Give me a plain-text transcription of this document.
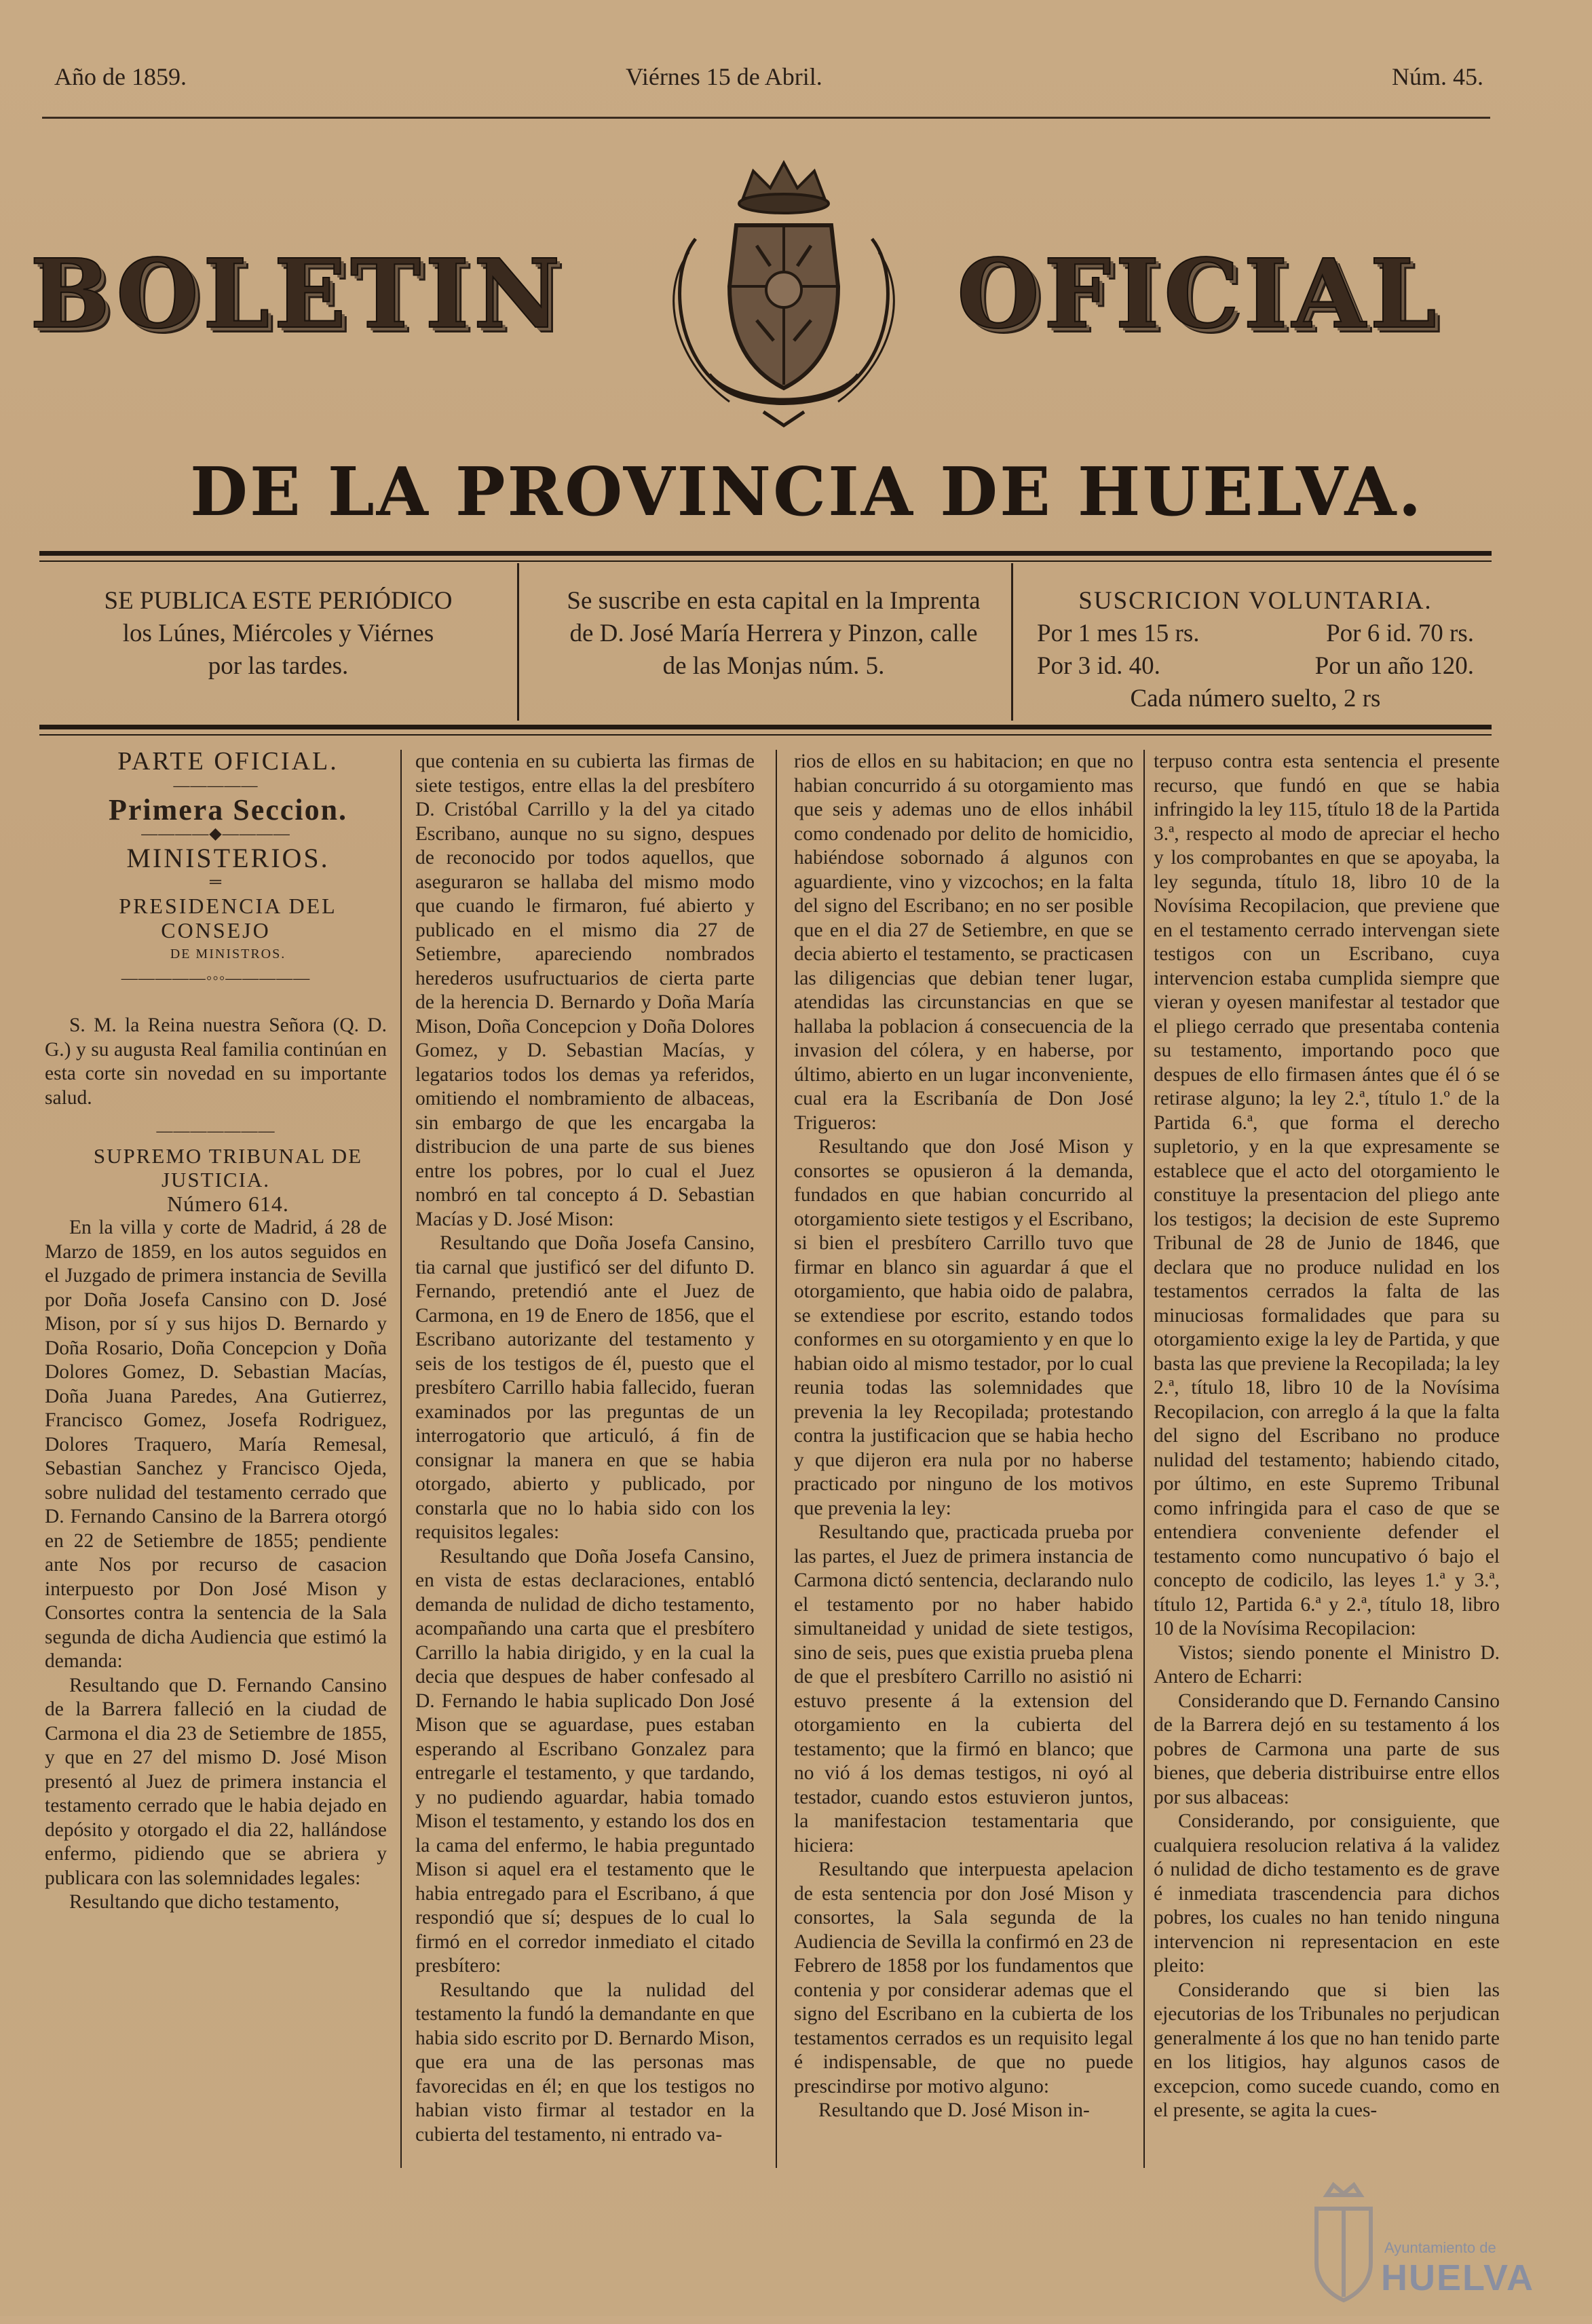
Año de 1859.	Viérnes 15 de Abril.	Núm. 45.
BOLETIN	OFICIAL
DE LA PROVINCIA DE HUELVA.
SE PUBLICA ESTE PERIÓDICO
los Lúnes, Miércoles y Viérnes
por las tardes.
Se suscribe en esta capital en la Imprenta
de D. José María Herrera y Pinzon, calle
de las Monjas núm. 5.
SUSCRICION VOLUNTARIA.
Por 1 mes 15 rs.	Por 6 id. 70 rs.
Por 3 id. 40.	Por un año 120.
Cada número suelto, 2 rs

PARTE OFICIAL.

—————

Primera Seccion.

————◆————

MINISTERIOS.

═

PRESIDENCIA DEL CONSEJO

DE MINISTROS.

—————◦◦◦—————

S. M. la Reina nuestra Señora (Q. D. G.) y su augusta Real familia continúan en esta corte sin novedad en su importante salud.

———————

SUPREMO TRIBUNAL DE JUSTICIA.

Número 614.

En la villa y corte de Madrid, á 28 de Marzo de 1859, en los autos seguidos en el Juzgado de primera instancia de Sevilla por Doña Josefa Cansino con D. José Mison, por sí y sus hijos D. Bernardo y Doña Rosario, Doña Concepcion y Doña Dolores Gomez, D. Sebastian Macías, Doña Juana Paredes, Ana Gutierrez, Francisco Gomez, Josefa Rodriguez, Dolores Traquero, María Remesal, Sebastian Sanchez y Francisco Ojeda, sobre nulidad del testamento cerrado que D. Fernando Cansino de la Barrera otorgó en 22 de Setiembre de 1855; pendiente ante Nos por recurso de casacion interpuesto por Don José Mison y Consortes contra la sentencia de la Sala segunda de dicha Audiencia que estimó la demanda:

Resultando que D. Fernando Cansino de la Barrera falleció en la ciudad de Carmona el dia 23 de Setiembre de 1855, y que en 27 del mismo D. José Mison presentó al Juez de primera instancia el testamento cerrado que le habia dejado en depósito y otorgado el dia 22, hallándose enfermo, pidiendo que se abriera y publicara con las solemnidades legales:

Resultando que dicho testamento,

que contenia en su cubierta las firmas de siete testigos, entre ellas la del presbítero D. Cristóbal Carrillo y la del ya citado Escribano, aunque no su signo, despues de reconocido por todos aquellos, que aseguraron se hallaba del mismo modo que cuando le firmaron, fué abierto y publicado en el mismo dia 27 de Setiembre, apareciendo nombrados herederos usufructuarios de cierta parte de la herencia D. Bernardo y Doña María Mison, Doña Concepcion y Doña Dolores Gomez, y D. Sebastian Macías, y legatarios todos los demas ya referidos, omitiendo el nombramiento de albaceas, sin embargo de que les encargaba la distribucion de una parte de sus bienes entre los pobres, por lo cual el Juez nombró en tal concepto á D. Sebastian Macías y D. José Mison:

Resultando que Doña Josefa Cansino, tia carnal que justificó ser del difunto D. Fernando, pretendió ante el Juez de Carmona, en 19 de Enero de 1856, que el Escribano autorizante del testamento y seis de los testigos de él, puesto que el presbítero Carrillo habia fallecido, fueran examinados por las preguntas de un interrogatorio que articuló, á fin de consignar la manera en que se habia otorgado, abierto y publicado, por constarla que no lo habia sido con los requisitos legales:

Resultando que Doña Josefa Cansino, en vista de estas declaraciones, entabló demanda de nulidad de dicho testamento, acompañando una carta que el presbítero Carrillo la habia dirigido, y en la cual la decia que despues de haber confesado al D. Fernando le habia suplicado Don José Mison que se aguardase, pues estaban esperando al Escribano Gonzalez para entregarle el testamento, y que tardando, y no pudiendo aguardar, habia tomado Mison el testamento, y estando los dos en la cama del enfermo, le habia preguntado Mison si aquel era el testamento que le habia entregado para el Escribano, á que respondió que sí; despues de lo cual lo firmó en el corredor inmediato el citado presbítero:

Resultando que la nulidad del testamento la fundó la demandante en que habia sido escrito por D. Bernardo Mison, que era una de las personas mas favorecidas en él; en que los testigos no habian visto firmar al testador en la cubierta del testamento, ni entrado va-

rios de ellos en su habitacion; en que no habian concurrido á su otorgamiento mas que seis y ademas uno de ellos inhábil como condenado por delito de homicidio, habiéndose sobornado á algunos con aguardiente, vino y vizcochos; en la falta del signo del Escribano; en no ser posible que en el dia 27 de Setiembre, en que se decia abierto el testamento, se practicasen las diligencias que debian tener lugar, atendidas las circunstancias en que se hallaba la poblacion á consecuencia de la invasion del cólera, y en haberse, por último, abierto en un lugar inconveniente, cual era la Escribanía de Don José Trigueros:

Resultando que don José Mison y consortes se opusieron á la demanda, fundados en que habian concurrido al otorgamiento siete testigos y el Escribano, si bien el presbítero Carrillo tuvo que firmar en blanco sin aguardar á que el otorgamiento, que habia oido de palabra, se extendiese por escrito, estando todos conformes en su otorgamiento y en que lo habian oido al mismo testador, por lo cual reunia todas las solemnidades que prevenia la ley Recopilada; protestando contra la justificacion que se habia hecho y que dijeron era nula por no haberse practicado por ninguno de los motivos que prevenia la ley:

Resultando que, practicada prueba por las partes, el Juez de primera instancia de Carmona dictó sentencia, declarando nulo el testamento por no haber habido simultaneidad y unidad de siete testigos, sino de seis, pues que existia prueba plena de que el presbítero Carrillo no asistió ni estuvo presente á la extension del otorgamiento en la cubierta del testamento; que la firmó en blanco; que no vió á los demas testigos, ni oyó al testador, cuando estos estuvieron juntos, la manifestacion testamentaria que hiciera:

Resultando que interpuesta apelacion de esta sentencia por don José Mison y consortes, la Sala segunda de la Audiencia de Sevilla la confirmó en 23 de Febrero de 1858 por los fundamentos que contenia y por considerar ademas que el signo del Escribano en la cubierta de los testamentos cerrados es un requisito legal é indispensable, de que no puede prescindirse por motivo alguno:

Resultando que D. José Mison in-

terpuso contra esta sentencia el presente recurso, que fundó en que se habia infringido la ley 115, título 18 de la Partida 3.ª, respecto al modo de apreciar el hecho y los comprobantes en que se apoyaba, la ley segunda, título 18, libro 10 de la Novísima Recopilacion, que previene que en el testamento cerrado intervengan siete testigos con un Escribano, cuya intervencion estaba cumplida siempre que vieran y oyesen manifestar al testador que el pliego cerrado que presentaba contenia su testamento, importando poco que despues de ello firmasen ántes que él ó se retirase alguno; la ley 2.ª, título 1.º de la Partida 6.ª, que forma el derecho supletorio, y en la que expresamente se establece que el acto del otorgamiento le constituye la presentacion del pliego ante los testigos; la decision de este Supremo Tribunal de 28 de Junio de 1846, que declara que no produce nulidad en los testamentos cerrados la falta de las minuciosas formalidades que para su otorgamiento exige la ley de Partida, y que basta las que previene la Recopilada; la ley 2.ª, título 18, libro 10 de la Novísima Recopilacion, con arreglo á la que la falta del signo del Escribano no produce nulidad del testamento; habiendo citado, por último, en este Supremo Tribunal como infringida para el caso de que se entendiera conveniente defender el testamento como nuncupativo ó bajo el concepto de codicilo, las leyes 1.ª y 3.ª, título 12, Partida 6.ª y 2.ª, título 18, libro 10 de la Novísima Recopilacion:

Vistos; siendo ponente el Ministro D. Antero de Echarri:

Considerando que D. Fernando Cansino de la Barrera dejó en su testamento á los pobres de Carmona una parte de sus bienes, que deberia distribuirse entre ellos por sus albaceas:

Considerando, por consiguiente, que cualquiera resolucion relativa á la validez ó nulidad de dicho testamento es de grave é inmediata trascendencia para dichos pobres, los cuales no han tenido ninguna intervencion ni representacion en este pleito:

Considerando que si bien las ejecutorias de los Tribunales no perjudican generalmente á los que no han tenido parte en los litigios, hay algunos casos de excepcion, como sucede cuando, como en el presente, se agita la cues-

Ayuntamiento de
HUELVA
